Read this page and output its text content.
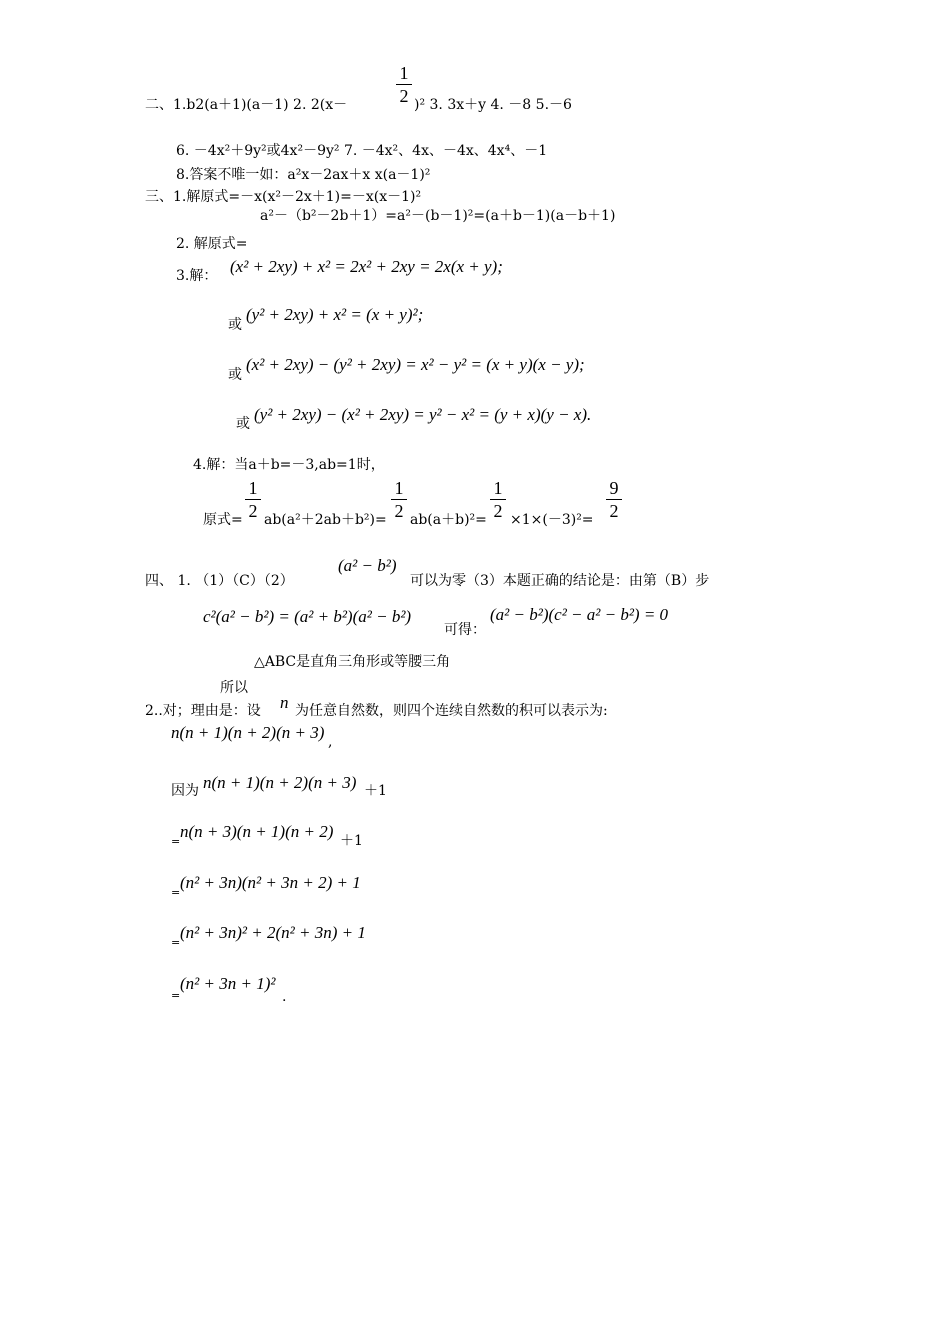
二、1.b2(a＋1)(a－1) 2. 2(x－
1
2 )² 3. 3x＋y 4. －8 5.－6
6. －4x²＋9y²或4x²－9y² 7. －4x²、4x、－4x、4x⁴、－1
8.答案不唯一如：a²x－2ax＋x x(a－1)²
三、1.解原式=－x(x²－2x＋1)=－x(x－1)²
a²－（b²－2b＋1）=a²－(b－1)²=(a＋b－1)(a－b＋1)
2. 解原式=
3.解： (x² + 2xy) + x² = 2x² + 2xy = 2x(x + y);
或
(y² + 2xy) + x² = (x + y)²;
或
(x² + 2xy) − (y² + 2xy) = x² − y² = (x + y)(x − y);
或 (y² + 2xy) − (x² + 2xy) = y² − x² = (y + x)(y − x).
4.解：当a＋b=－3,ab=1时，
原式=
1
2 ab(a²＋2ab＋b²)=
1
2 ab(a＋b)²=
1
2 ×1×(－3)²=
9
2
四、 1. （1）（C）（2）
(a² − b²)
可以为零（3）本题正确的结论是：由第（B）步
c²(a² − b²) = (a² + b²)(a² − b²)
可得：
(a² − b²)(c² − a² − b²) = 0
△ABC是直角三角形或等腰三角
所以
2..对；理由是：设 n 为任意自然数，则四个连续自然数的积可以表示为:
n(n + 1)(n + 2)(n + 3) ,
因为 n(n + 1)(n + 2)(n + 3) ＋1
=
n(n + 3)(n + 1)(n + 2) ＋1
=
(n² + 3n)(n² + 3n + 2) + 1
=
(n² + 3n)² + 2(n² + 3n) + 1
=
(n² + 3n + 1)²
.
